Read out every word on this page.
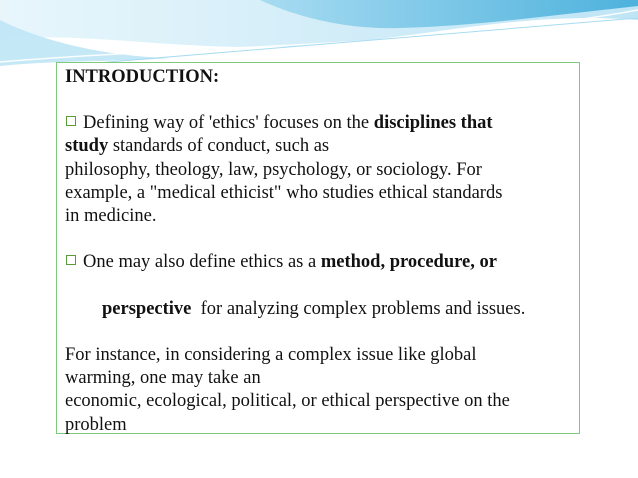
INTRODUCTION:
Defining way of 'ethics' focuses on the disciplines that
study standards of conduct, such as
philosophy, theology, law, psychology, or sociology. For
example, a "medical ethicist" who studies ethical standards
in medicine.
One may also define ethics as a method, procedure, or

perspective  for analyzing complex problems and issues.

For instance, in considering a complex issue like global
warming, one may take an
economic, ecological, political, or ethical perspective on the
problem
